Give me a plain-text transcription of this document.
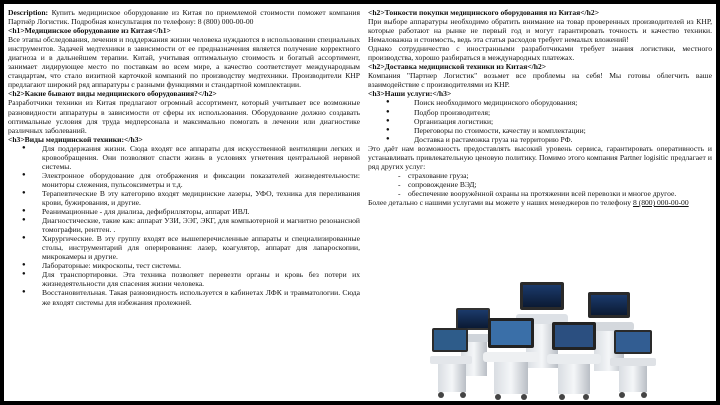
Description: Купить медицинское оборудование из Китая по приемлемой стоимости поможет компания Партнёр Логистик. Подробная консультация по телефону: 8 (800) 000-00-00

<h1>Медицинское оборудование из Китая</h1>

Все этапы обследования, лечения и поддержания жизни человека нуждаются в использовании специальных инструментов. Задачей медтехники в зависимости от ее предназначения является получение корректного диагноза и в дальнейшем терапии. Китай, учитывая оптимальную стоимость и богатый ассортимент, занимает лидирующее место по поставкам во всем мире, а качество соответствует международным стандартам, что стало визитной карточкой компаний по производству медтехники. Производители КНР предлагают широкий ряд аппаратуры с разными функциями и стандартной комплектации.

<h2>Какие бывают виды медицинского оборудования?</h2>

Разработчики техники из Китая предлагают огромный ассортимент, который учитывает все возможные разновидности аппаратуры в зависимости от сферы их использования. Оборудование должно создавать оптимальные условия для труда медперсонала и максимально помогать в лечении или диагностике различных заболеваний.

<h3>Виды медицинской техники:</h3>

● Для поддержания жизни. Сюда входят все аппараты для искусственной вентиляции легких и кровообращения. Они позволяют спасти жизнь в условиях угнетения центральной нервной системы.
● Электронное оборудование для отображения и фиксации показателей жизнедеятельности: мониторы слежения, пульсоксиметры и т.д.
● Терапевтические В эту категорию входят медицинские лазеры, УФО, техника для переливания крови, бужирования, и другие.
● Реанимационные - для диализа, дефибрилляторы, аппарат ИВЛ.
● Диагностические, такие как: аппарат УЗИ, ЭЭГ, ЭКГ, для компьютерной и магнитно резонансной томографии, рентген. .
● Хирургические. В эту группу входят все вышеперечисленные аппараты и специализированные столы, инструментарий для оперирования: лазер, коагулятор, аппарат для лапароскопии, микрокамеры и другие.
● Лабораторные: микроскопы, тест системы.
● Для транспортировки. Эта техника позволяет перевезти органы и кровь без потери их жизнедеятельности для спасения жизни человека.
● Восстановительная. Такая разновидность используется в кабинетах ЛФК и травматологии. Сюда же входят системы для избежания пролежней.

<h2>Тонкости покупки медицинского оборудования из Китая</h2>

При выборе аппаратуры необходимо обратить внимание на товар проверенных производителей из КНР, которые работают на рынке не первый год и могут гарантировать точность и качество техники. Немаловажна и стоимость, ведь эта статья расходов требует немалых вложений!

Однако сотрудничество с иностранными разработчиками требует знания логистики, местного производства, хорошо разбираться в международных платежах.

<h2>Доставка медицинской техники из Китая</h2>

Компания "Партнер Логистик" возьмет все проблемы на себя! Мы готовы облегчить ваше взаимодействие с производителями из КНР.

<h3>Наши услуги:</h3>

● Поиск необходимого медицинского оборудования;
● Подбор производителя;
● Организация логистики;
● Переговоры по стоимости, качеству и комплектации;
● Доставка и растаможка груза на территорию РФ.

Это даёт нам возможность предоставлять высокий уровень сервиса, гарантировать оперативность и устанавливать привлекательную ценовую политику. Помимо этого компания Partner logisitic предлагает и ряд других услуг:

- страхование груза;
- сопровождение ВЭД;
- обеспечение вооружённой охраны на протяжении всей перевозки и многое другое.

Более детально с нашими услугами вы можете у наших менеджеров по телефону 8 (800) 000-00-00
